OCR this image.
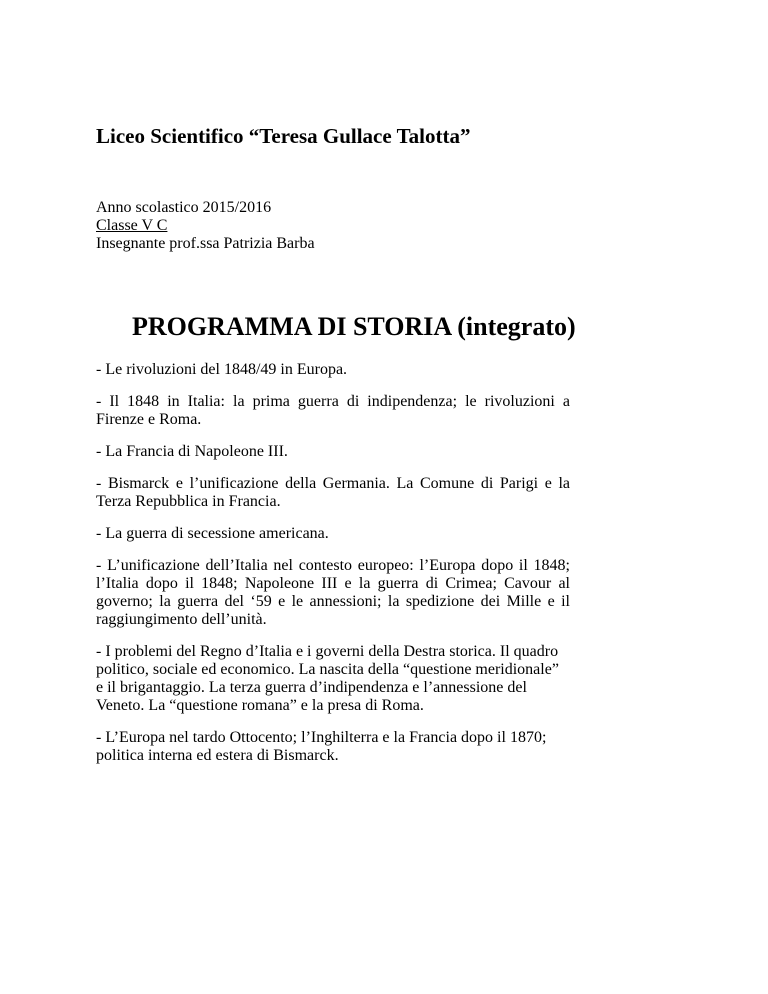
Liceo Scientifico “Teresa Gullace Talotta”
Anno scolastico 2015/2016
Classe V C
Insegnante prof.ssa Patrizia Barba
PROGRAMMA DI STORIA (integrato)
- Le rivoluzioni del 1848/49 in Europa.
- Il 1848 in Italia: la prima guerra di indipendenza; le rivoluzioni a Firenze e Roma.
- La Francia di Napoleone III.
- Bismarck e l’unificazione della Germania. La Comune di Parigi e la Terza Repubblica in Francia.
- La guerra di secessione americana.
- L’unificazione dell’Italia nel contesto europeo: l’Europa dopo il 1848; l’Italia dopo il 1848; Napoleone III e la guerra di Crimea; Cavour al governo; la guerra del ‘59 e le annessioni; la spedizione dei Mille e il raggiungimento dell’unità.
- I problemi del Regno d’Italia e i governi della Destra storica. Il quadro politico, sociale ed economico. La nascita della “questione meridionale” e il brigantaggio. La terza guerra d’indipendenza e l’annessione del Veneto. La “questione romana” e la presa di Roma.
- L’Europa nel tardo Ottocento; l’Inghilterra e la Francia dopo il 1870; politica interna ed estera di Bismarck.
